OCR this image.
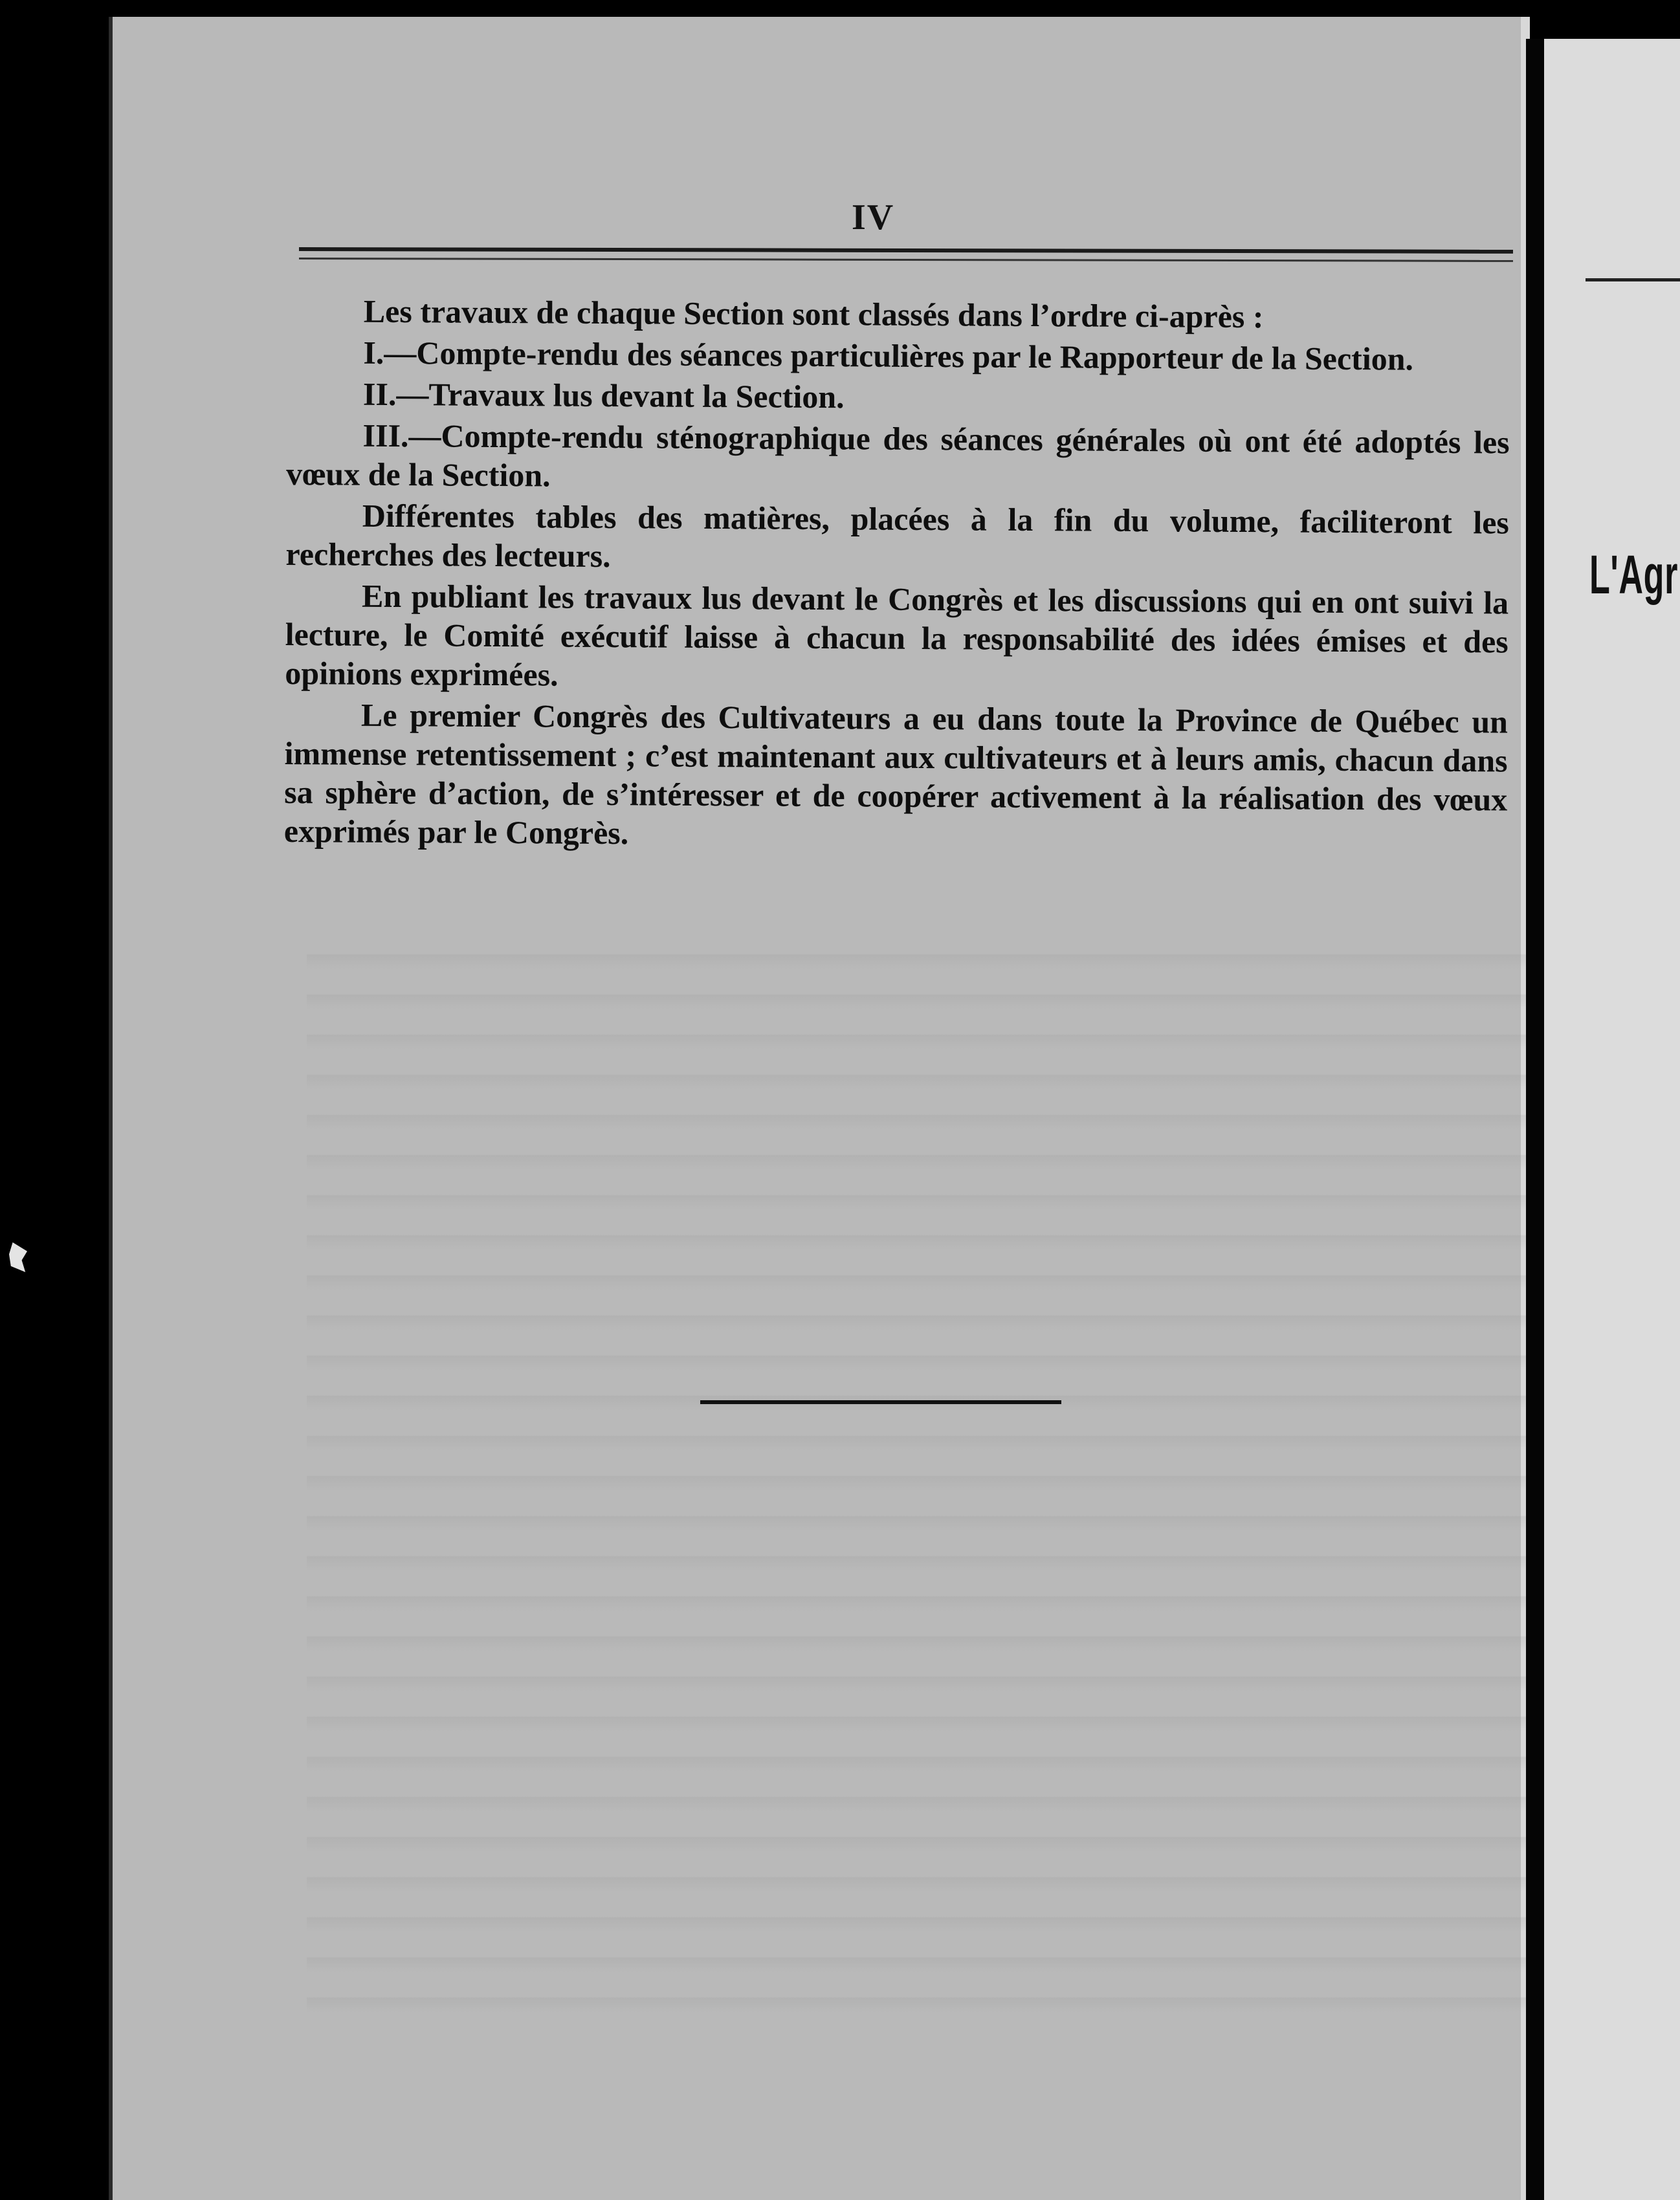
IV

Les travaux de chaque Section sont classés dans l’ordre ci-après :

I.—Compte-rendu des séances particulières par le Rapporteur de la Section.

II.—Travaux lus devant la Section.

III.—Compte-rendu sténographique des séances générales où ont été adoptés les vœux de la Section.

Différentes tables des matières, placées à la fin du volume, faciliteront les recherches des lecteurs.

En publiant les travaux lus devant le Congrès et les discussions qui en ont suivi la lecture, le Comité exécutif laisse à chacun la responsabilité des idées émises et des opinions exprimées.

Le premier Congrès des Cultivateurs a eu dans toute la Province de Québec un immense retentissement ; c’est maintenant aux cultivateurs et à leurs amis, chacun dans sa sphère d’action, de s’intéresser et de coopérer activement à la réalisation des vœux exprimés par le Congrès.

L'Agr
